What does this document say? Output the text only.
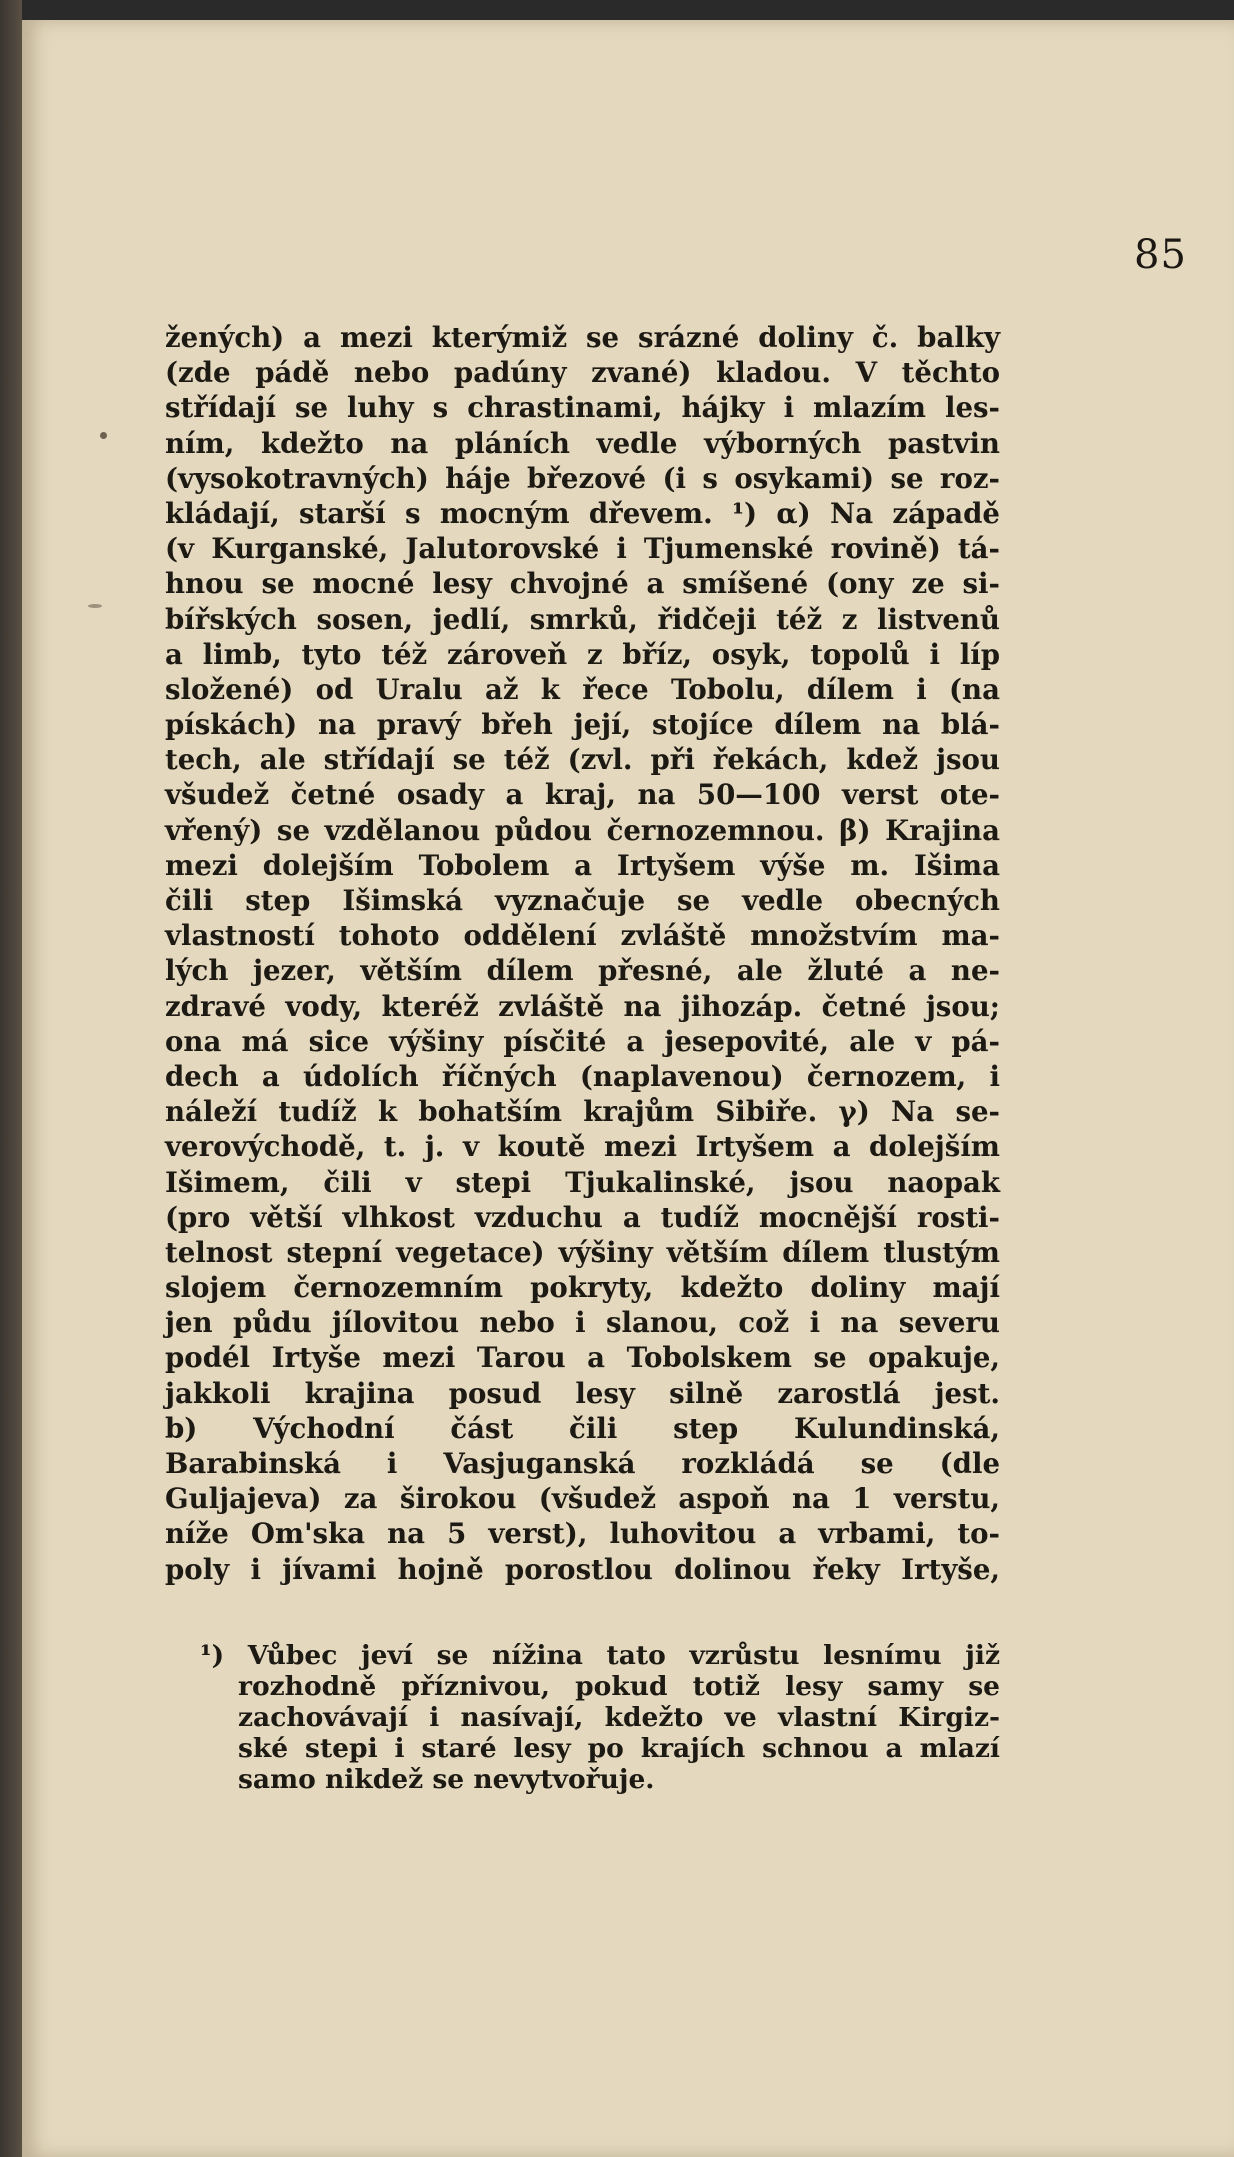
85
žených) a mezi kterýmiž se srázné doliny č. balky
(zde pádě nebo padúny zvané) kladou. V těchto
střídají se luhy s chrastinami, hájky i mlazím les-
ním, kdežto na pláních vedle výborných pastvin
(vysokotravných) háje březové (i s osykami) se roz-
kládají, starší s mocným dřevem. ¹) α) Na západě
(v Kurganské, Jalutorovské i Tjumenské rovině) tá-
hnou se mocné lesy chvojné a smíšené (ony ze si-
bířských sosen, jedlí, smrků, řidčeji též z listvenů
a limb, tyto též zároveň z bříz, osyk, topolů i líp
složené) od Uralu až k řece Tobolu, dílem i (na
pískách) na pravý břeh její, stojíce dílem na blá-
tech, ale střídají se též (zvl. při řekách, kdež jsou
všudež četné osady a kraj, na 50—100 verst ote-
vřený) se vzdělanou půdou černozemnou. β) Krajina
mezi dolejším Tobolem a Irtyšem výše m. Išima
čili step Išimská vyznačuje se vedle obecných
vlastností tohoto oddělení zvláště množstvím ma-
lých jezer, větším dílem přesné, ale žluté a ne-
zdravé vody, kteréž zvláště na jihozáp. četné jsou;
ona má sice výšiny písčité a jesepovité, ale v pá-
dech a údolích říčných (naplavenou) černozem, i
náleží tudíž k bohatším krajům Sibiře. γ) Na se-
verovýchodě, t. j. v koutě mezi Irtyšem a dolejším
Išimem, čili v stepi Tjukalinské, jsou naopak
(pro větší vlhkost vzduchu a tudíž mocnější rosti-
telnost stepní vegetace) výšiny větším dílem tlustým
slojem černozemním pokryty, kdežto doliny mají
jen půdu jílovitou nebo i slanou, což i na severu
podél Irtyše mezi Tarou a Tobolskem se opakuje,
jakkoli krajina posud lesy silně zarostlá jest.
b) Východní část čili step Kulundinská,
Barabinská i Vasjuganská rozkládá se (dle
Guljajeva) za širokou (všudež aspoň na 1 verstu,
níže Om'ska na 5 verst), luhovitou a vrbami, to-
poly i jívami hojně porostlou dolinou řeky Irtyše,
¹) Vůbec jeví se nížina tato vzrůstu lesnímu již
rozhodně příznivou, pokud totiž lesy samy se
zachovávají i nasívají, kdežto ve vlastní Kirgiz-
ské stepi i staré lesy po krajích schnou a mlazí
samo nikdež se nevytvořuje.
